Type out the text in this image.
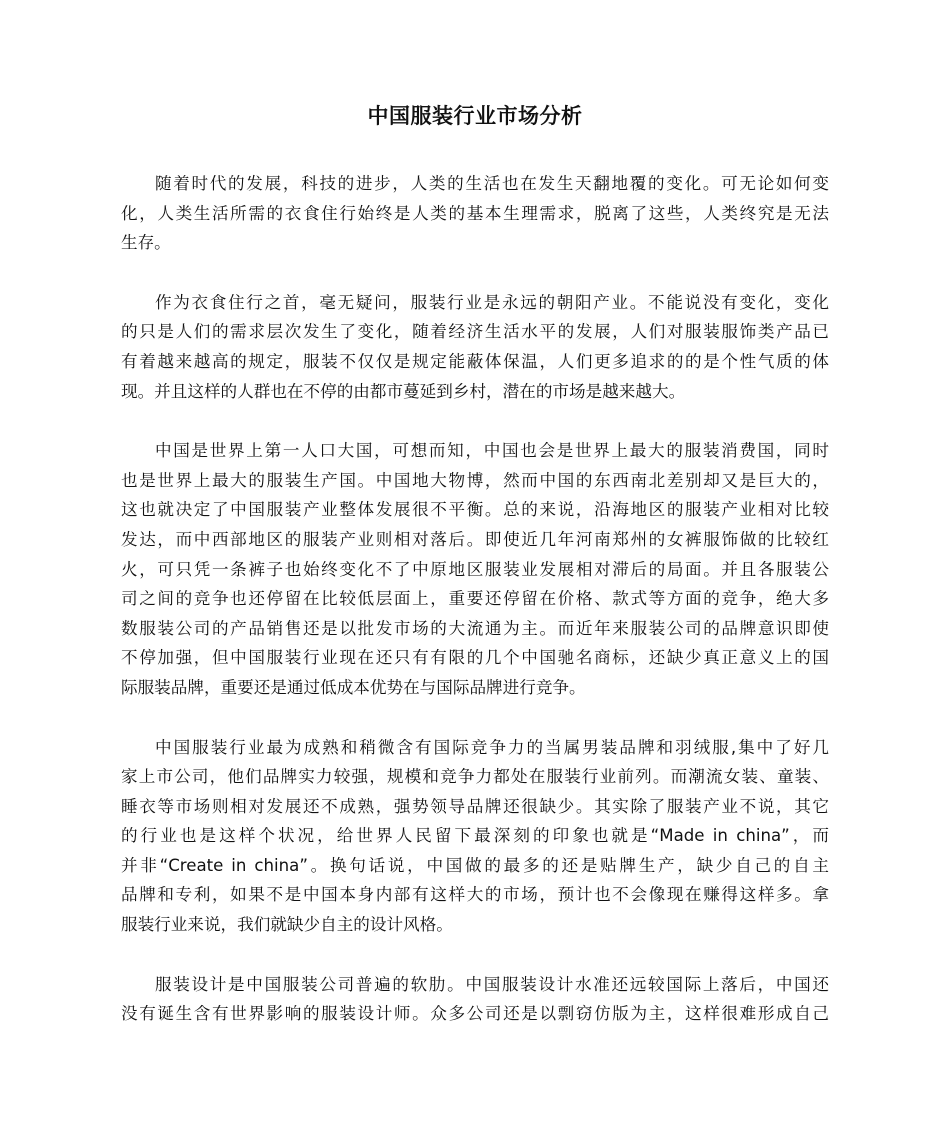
中国服装行业市场分析
随着时代的发展，科技的进步，人类的生活也在发生天翻地覆的变化。可无论如何变
化，人类生活所需的衣食住行始终是人类的基本生理需求，脱离了这些，人类终究是无法
生存。
作为衣食住行之首，毫无疑问，服装行业是永远的朝阳产业。不能说没有变化，变化
的只是人们的需求层次发生了变化，随着经济生活水平的发展，人们对服装服饰类产品已
有着越来越高的规定，服装不仅仅是规定能蔽体保温，人们更多追求的的是个性气质的体
现。并且这样的人群也在不停的由都市蔓延到乡村，潜在的市场是越来越大。
中国是世界上第一人口大国，可想而知，中国也会是世界上最大的服装消费国，同时
也是世界上最大的服装生产国。中国地大物博，然而中国的东西南北差别却又是巨大的，
这也就决定了中国服装产业整体发展很不平衡。总的来说，沿海地区的服装产业相对比较
发达，而中西部地区的服装产业则相对落后。即使近几年河南郑州的女裤服饰做的比较红
火，可只凭一条裤子也始终变化不了中原地区服装业发展相对滞后的局面。并且各服装公
司之间的竞争也还停留在比较低层面上，重要还停留在价格、款式等方面的竞争，绝大多
数服装公司的产品销售还是以批发市场的大流通为主。而近年来服装公司的品牌意识即使
不停加强，但中国服装行业现在还只有有限的几个中国驰名商标，还缺少真正意义上的国
际服装品牌，重要还是通过低成本优势在与国际品牌进行竞争。
中国服装行业最为成熟和稍微含有国际竞争力的当属男装品牌和羽绒服,集中了好几
家上市公司，他们品牌实力较强，规模和竞争力都处在服装行业前列。而潮流女装、童装、
睡衣等市场则相对发展还不成熟，强势领导品牌还很缺少。其实除了服装产业不说，其它
的行业也是这样个状况，给世界人民留下最深刻的印象也就是“Made in china”，而
并非“Create in china”。换句话说，中国做的最多的还是贴牌生产，缺少自己的自主
品牌和专利，如果不是中国本身内部有这样大的市场，预计也不会像现在赚得这样多。拿
服装行业来说，我们就缺少自主的设计风格。
服装设计是中国服装公司普遍的软肋。中国服装设计水准还远较国际上落后，中国还
没有诞生含有世界影响的服装设计师。众多公司还是以剽窃仿版为主，这样很难形成自己
